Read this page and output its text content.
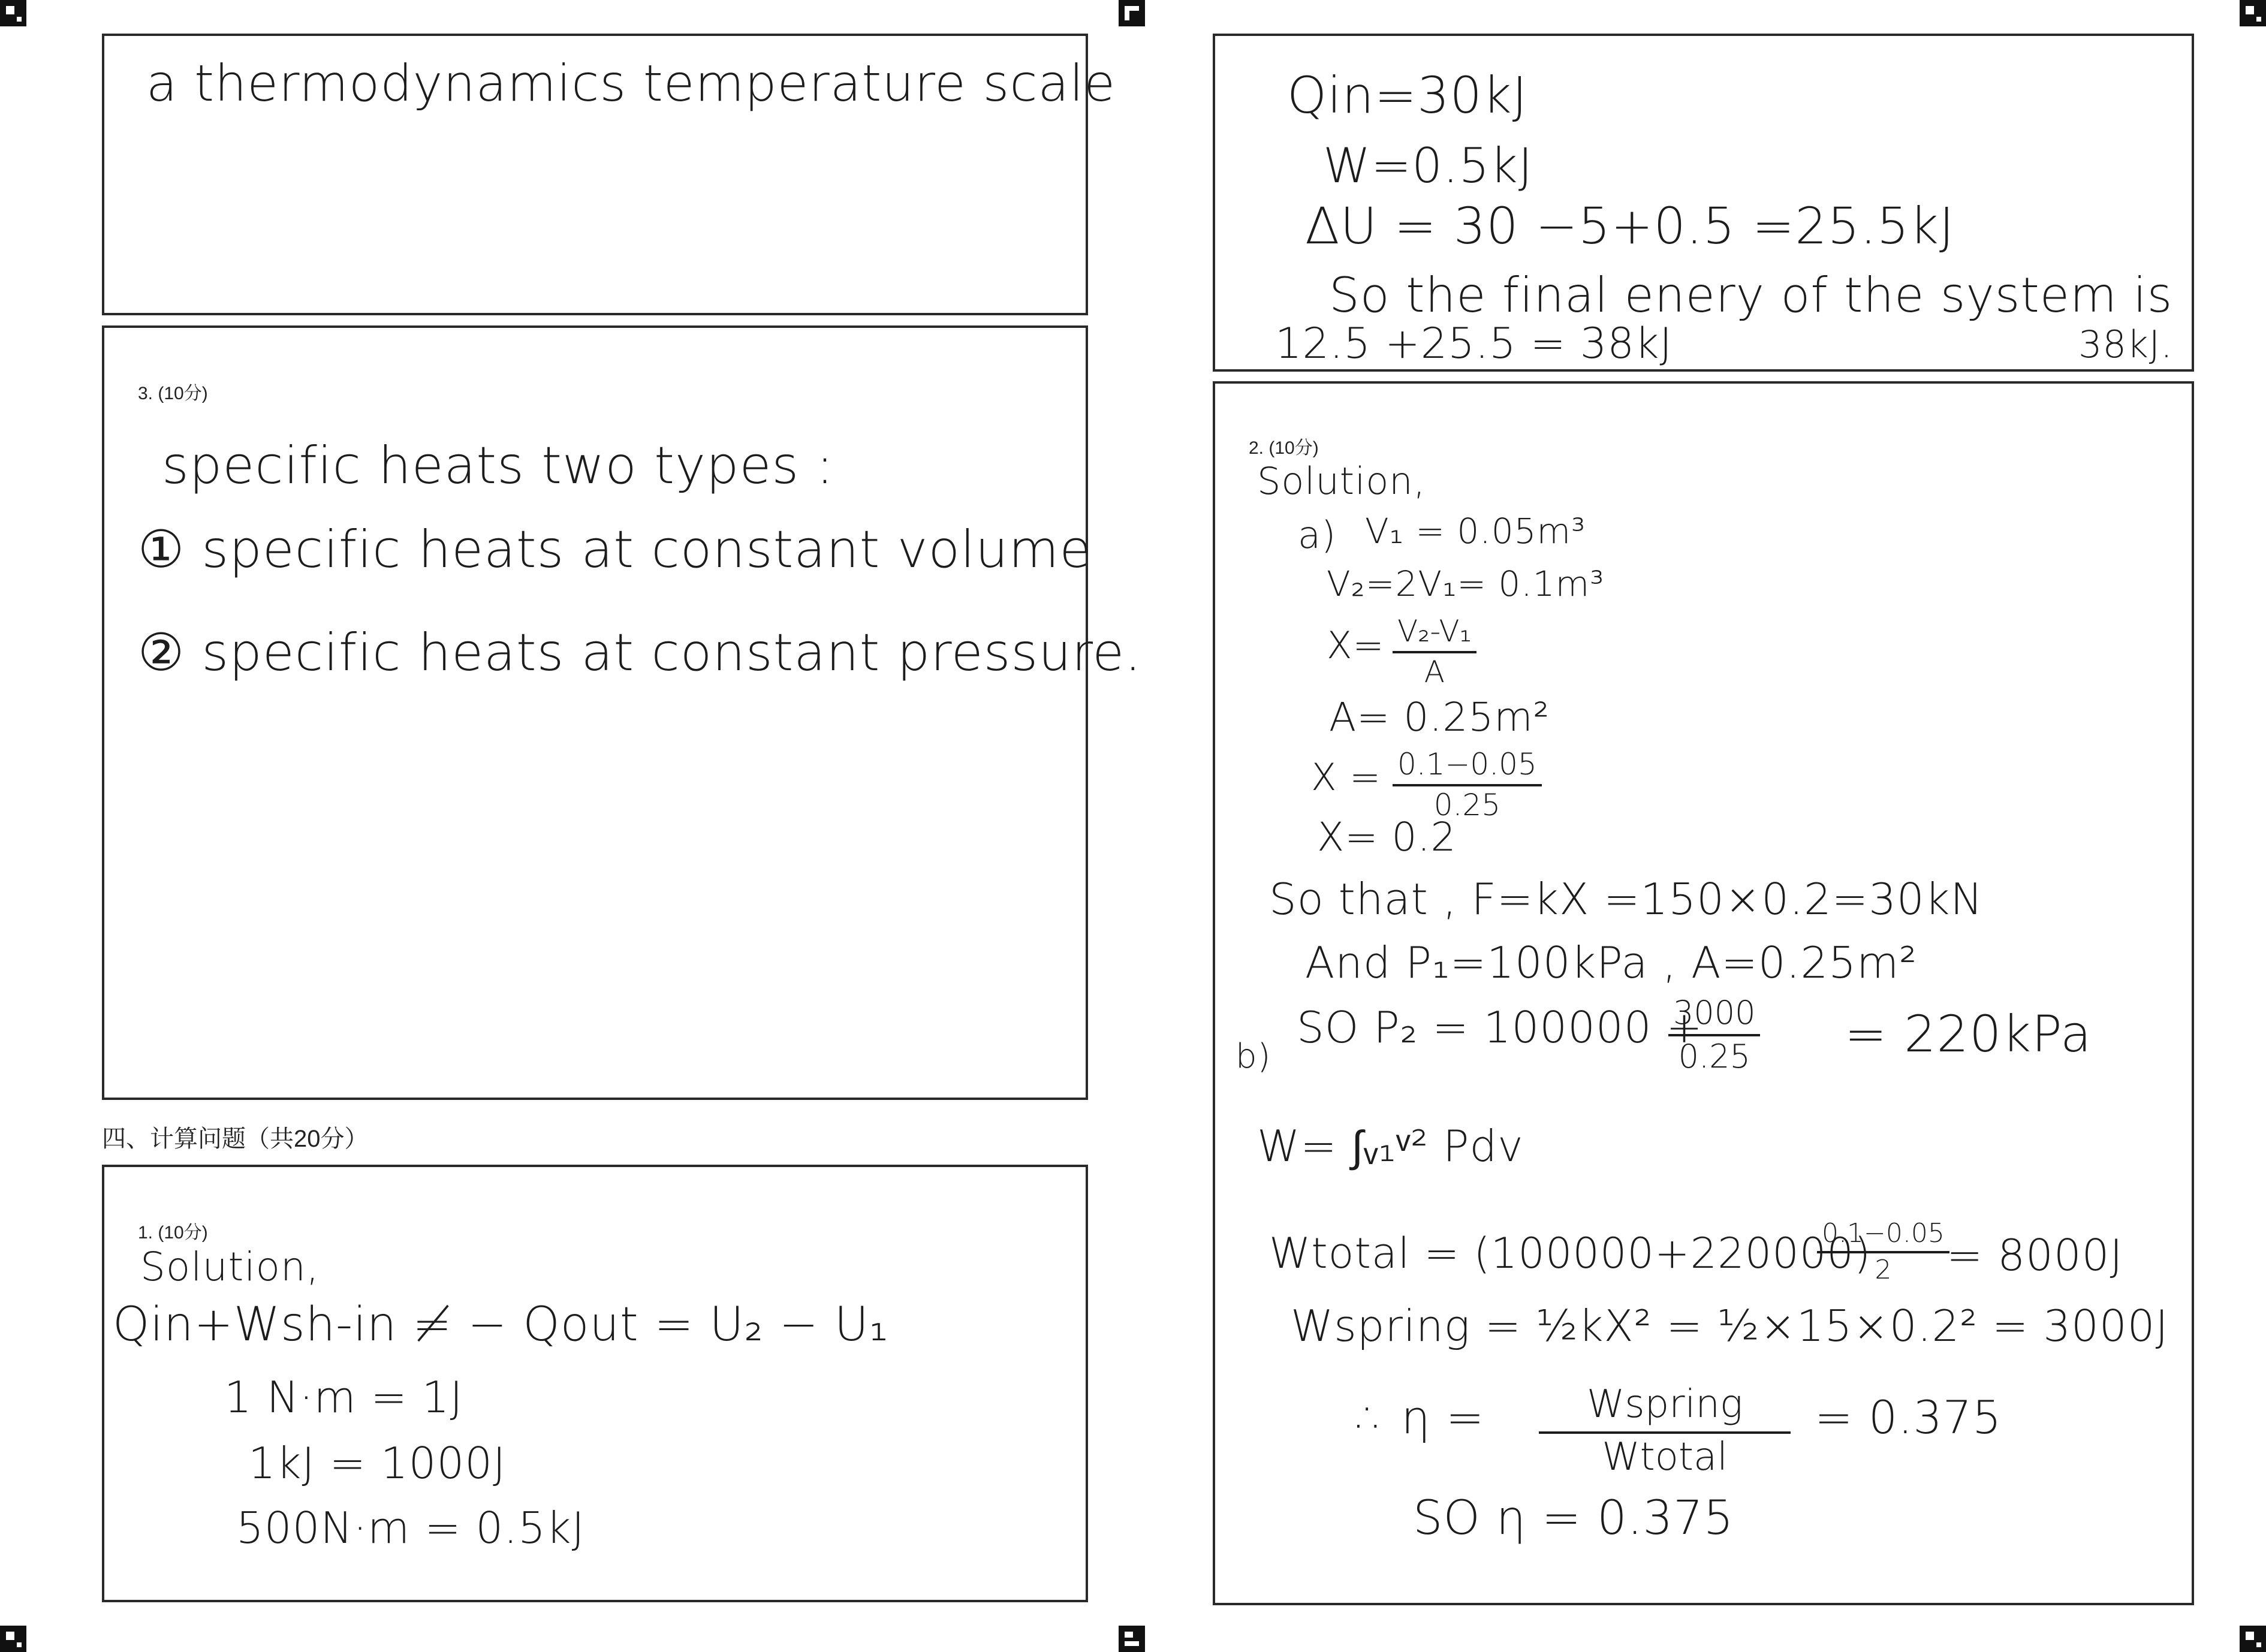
a thermodynamics temperature scale
3. (10分)
specific heats two types :
① specific heats at constant volume
② specific heats at constant pressure.
四、计算问题（共20分）
1. (10分)
Solution,
Qin+Wsh-in ≠ − Qout = U₂ − U₁
1 N·m = 1J
1kJ = 1000J
500N·m = 0.5kJ
Qin=30kJ
W=0.5kJ
ΔU = 30 −5+0.5 =25.5kJ
So the final enery of the system is
12.5 +25.5 = 38kJ	38kJ.
2. (10分)
Solution,
a) V₁ = 0.05m³
V₂=2V₁= 0.1m³
$X= \frac{\text{V₂-V₁}}{A}$
A= 0.25m²
$X = \frac{0.1-0.05}{0.25}$
X= 0.2
So that , F=kX =150×0.2=30kN
And P₁=100kPa , A=0.25m²
b)
SO P₂ = 100000 +
$\frac{3000}{0.25} = 220kPa$
W= ∫ᵥ₁ᵛ² Pdv
Wtotal = (100000+220000)
$\frac{0.1-0.05}{2}$
= 8000J
Wspring = ½kX² = ½×15×0.2² = 3000J
∴ η =	Wspring
Wtotal
= 0.375
SO η = 0.375
